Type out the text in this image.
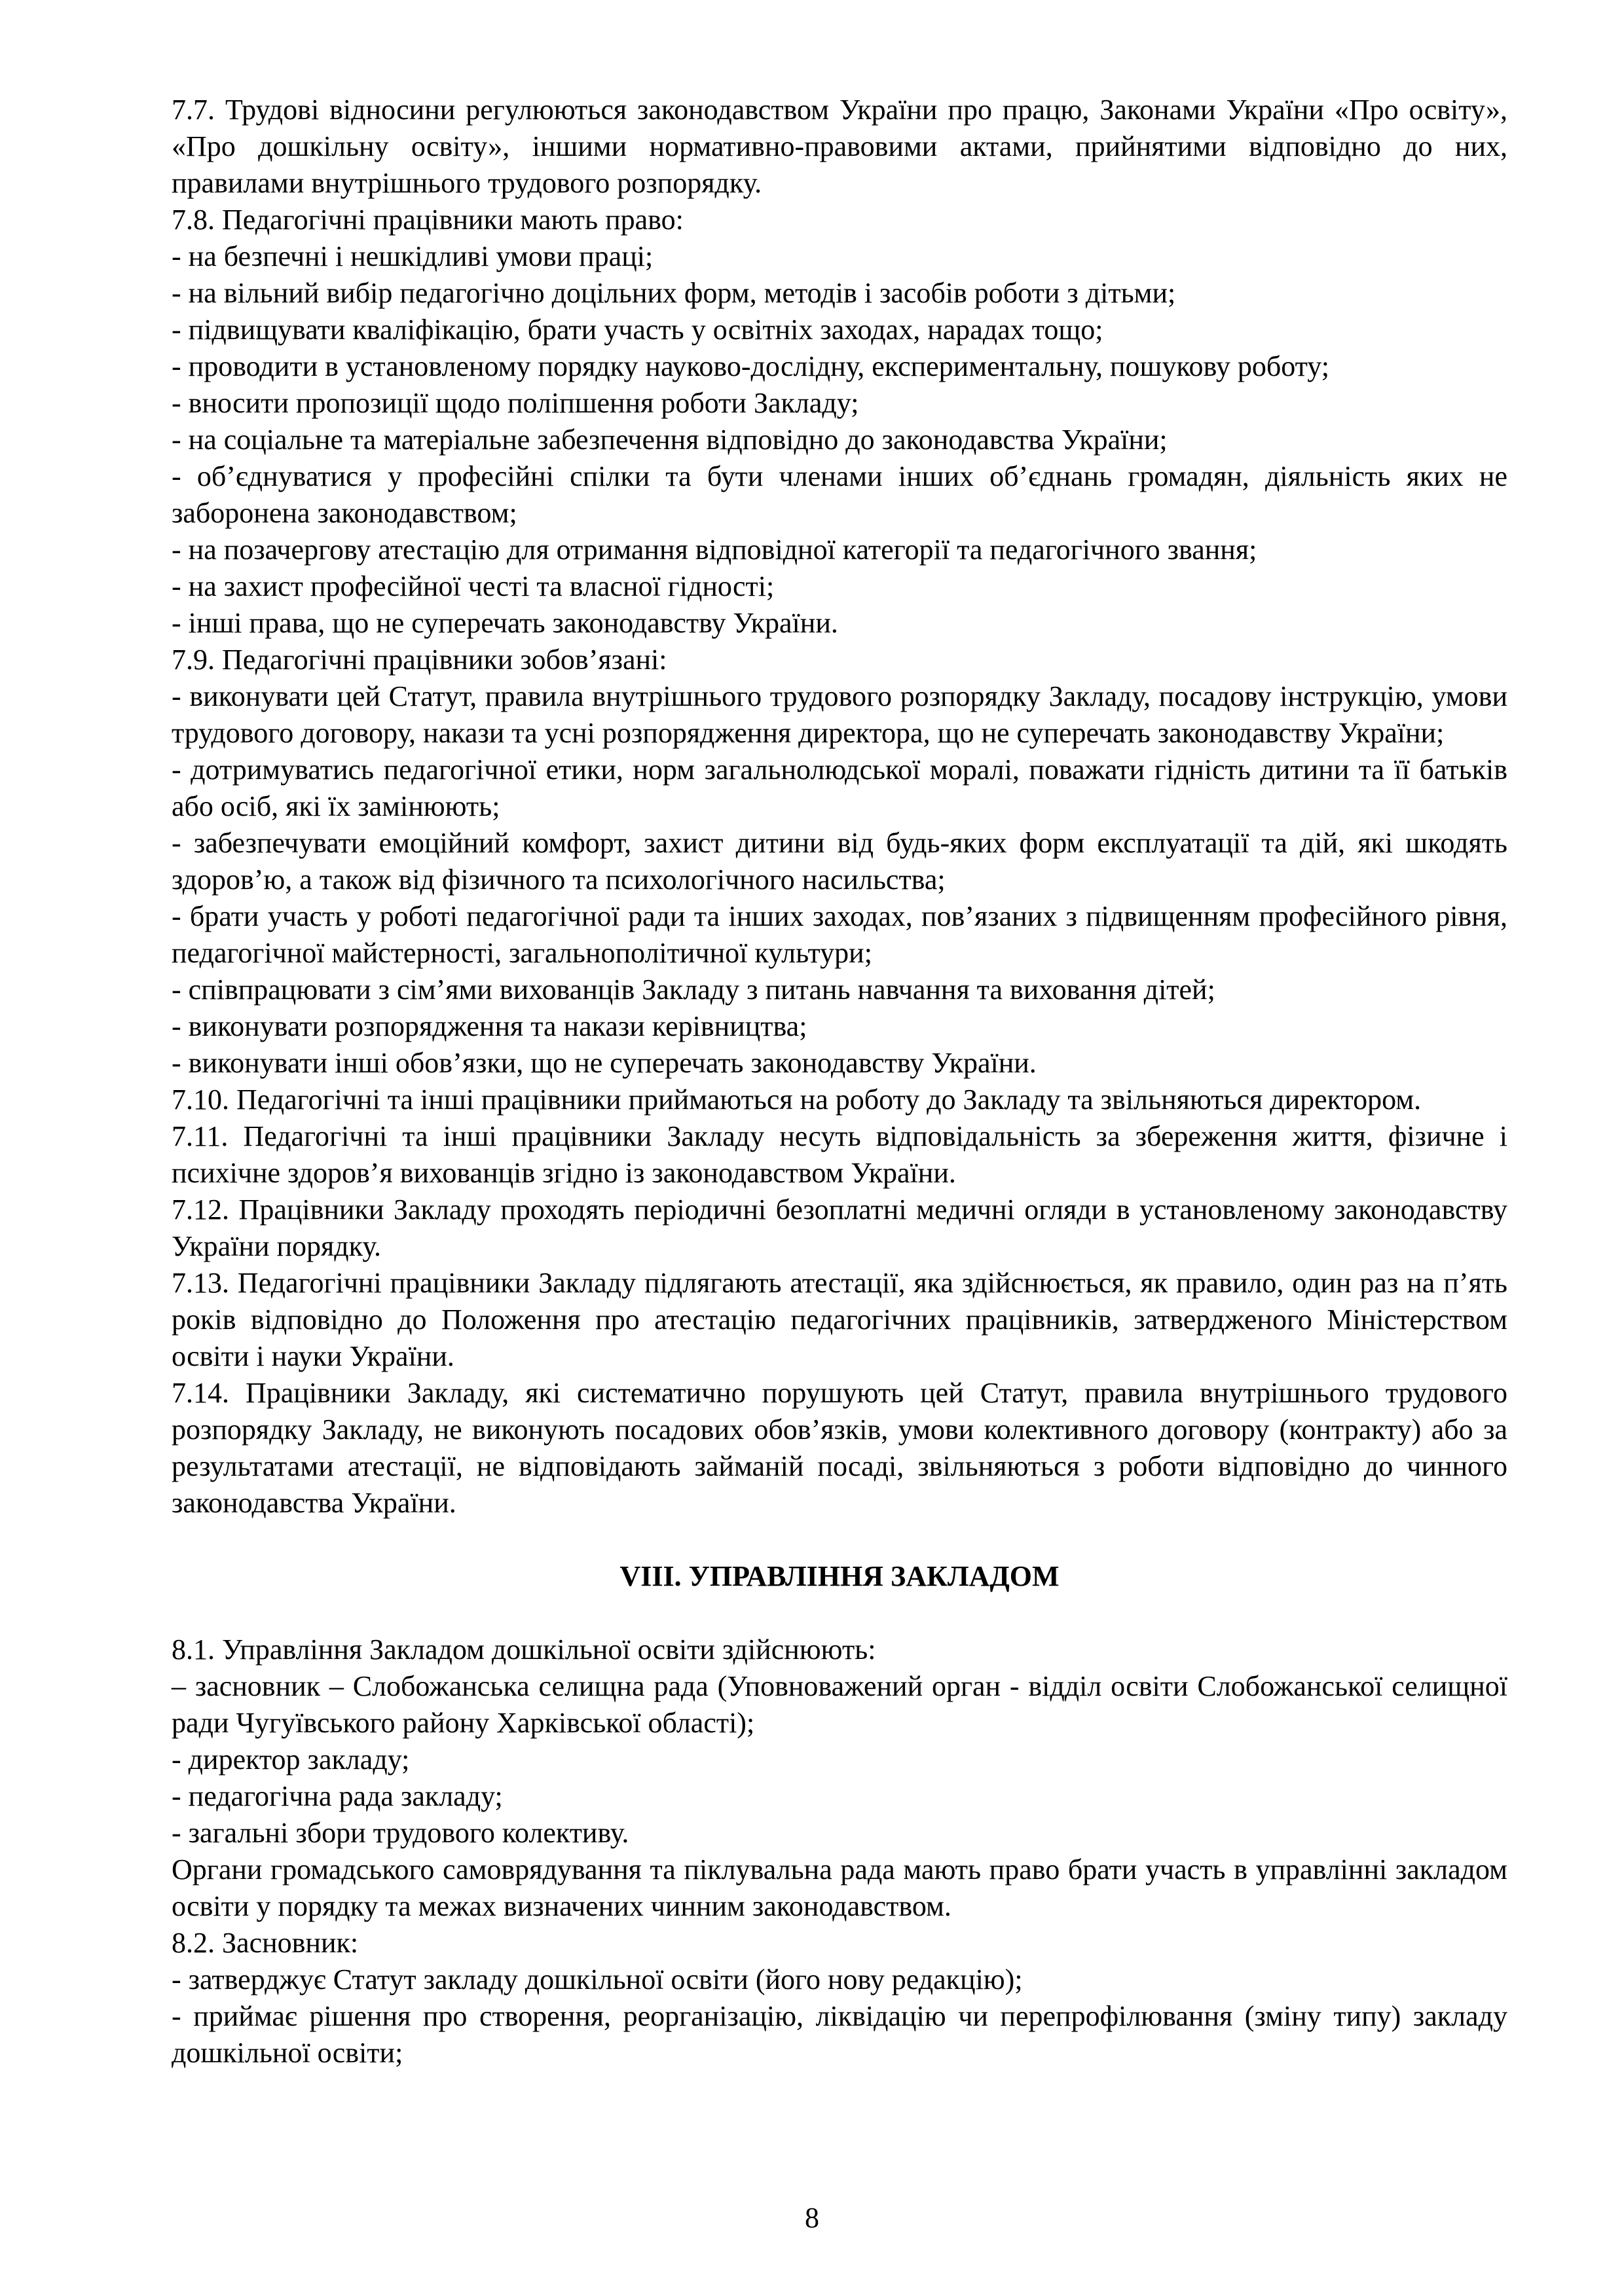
7.7. Трудові відносини регулюються законодавством України про працю, Законами України «Про освіту», «Про дошкільну освіту», іншими нормативно-правовими актами, прийнятими відповідно до них, правилами внутрішнього трудового розпорядку.

7.8. Педагогічні працівники мають право:

- на безпечні і нешкідливі умови праці;

- на вільний вибір педагогічно доцільних форм, методів і засобів роботи з дітьми;

- підвищувати кваліфікацію, брати участь у освітніх заходах, нарадах тощо;

- проводити в установленому порядку науково-дослідну, експериментальну, пошукову роботу;

- вносити пропозиції щодо поліпшення роботи Закладу;

- на соціальне та матеріальне забезпечення відповідно до законодавства України;

- об’єднуватися у професійні спілки та бути членами інших об’єднань громадян, діяльність яких не заборонена законодавством;

- на позачергову атестацію для отримання відповідної категорії та педагогічного звання;

- на захист професійної честі та власної гідності;

- інші права, що не суперечать законодавству України.

7.9. Педагогічні працівники зобов’язані:

- виконувати цей Статут, правила внутрішнього трудового розпорядку Закладу, посадову інструкцію, умови трудового договору, накази та усні розпорядження директора, що не суперечать законодавству України;

- дотримуватись педагогічної етики, норм загальнолюдської моралі, поважати гідність дитини та її батьків або осіб, які їх замінюють;

- забезпечувати емоційний комфорт, захист дитини від будь-яких форм експлуатації та дій, які шкодять здоров’ю, а також від фізичного та психологічного насильства;

- брати участь у роботі педагогічної ради та інших заходах, пов’язаних з підвищенням професійного рівня, педагогічної майстерності, загальнополітичної культури;

- співпрацювати з сім’ями вихованців Закладу з питань навчання та виховання дітей;

- виконувати розпорядження та накази керівництва;

- виконувати інші обов’язки, що не суперечать законодавству України.

7.10. Педагогічні та інші працівники приймаються на роботу до Закладу та звільняються директором.

7.11. Педагогічні та інші працівники Закладу несуть відповідальність за збереження життя, фізичне і психічне здоров’я вихованців згідно із законодавством України.

7.12. Працівники Закладу проходять періодичні безоплатні медичні огляди в установленому законодавству України порядку.

7.13. Педагогічні працівники Закладу підлягають атестації, яка здійснюється, як правило, один раз на п’ять років відповідно до Положення про атестацію педагогічних працівників, затвердженого Міністерством освіти і науки України.

7.14. Працівники Закладу, які систематично порушують цей Статут, правила внутрішнього трудового розпорядку Закладу, не виконують посадових обов’язків, умови колективного договору (контракту) або за результатами атестації, не відповідають займаній посаді, звільняються з роботи відповідно до чинного законодавства України.

VIII. УПРАВЛІННЯ ЗАКЛАДОМ

8.1. Управління Закладом дошкільної освіти здійснюють:

– засновник – Слобожанська селищна рада (Уповноважений орган - відділ освіти Слобожанської селищної ради Чугуївського району Харківської області);

- директор закладу;

- педагогічна рада закладу;

- загальні збори трудового колективу.

Органи громадського самоврядування та піклувальна рада мають право брати участь в управлінні закладом освіти у порядку та межах визначених чинним законодавством.

8.2. Засновник:

- затверджує Статут закладу дошкільної освіти (його нову редакцію);

- приймає рішення про створення, реорганізацію, ліквідацію чи перепрофілювання (зміну типу) закладу дошкільної освіти;

8
